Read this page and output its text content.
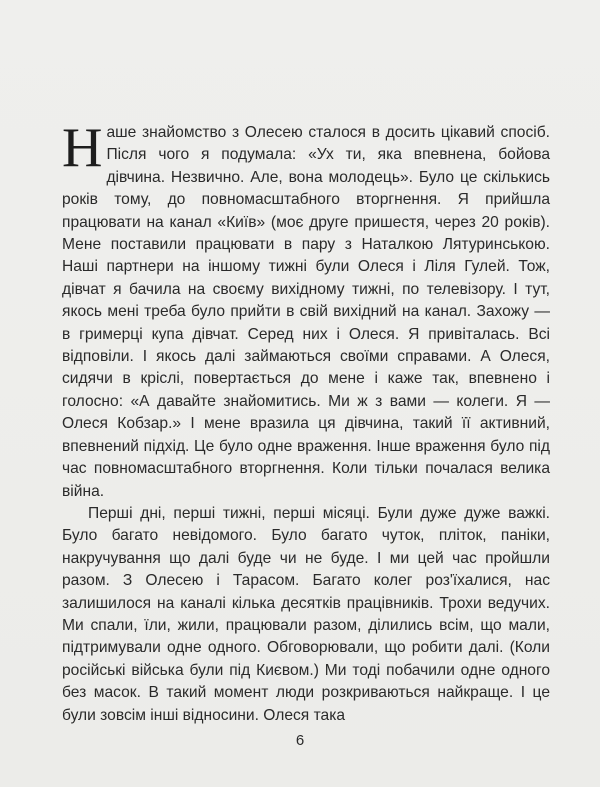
Наше знайомство з Олесею сталося в досить цікавий спосіб. Після чого я подумала: «Ух ти, яка впевнена, бойова дівчина. Незвично. Але, вона молодець». Було це скількись років тому, до повномасштабного вторгнення. Я прийшла працювати на канал «Київ» (моє друге пришестя, через 20 років). Мене поставили працювати в пару з Наталкою Лятуринською. Наші партнери на іншому тижні були Олеся і Ліля Гулей. Тож, дівчат я бачила на своєму вихідному тижні, по телевізору. І тут, якось мені треба було прийти в свій вихідний на канал. Захожу — в гримерці купа дівчат. Серед них і Олеся. Я привіталась. Всі відповіли. І якось далі займаються своїми справами. А Олеся, сидячи в кріслі, повертається до мене і каже так, впевнено і голосно: «А давайте знайомитись. Ми ж з вами — колеги. Я — Олеся Кобзар.» І мене вразила ця дівчина, такий її активний, впевнений підхід. Це було одне враження. Інше враження було під час повномасштабного вторгнення. Коли тільки почалася велика війна.

Перші дні, перші тижні, перші місяці. Були дуже дуже важкі. Було багато невідомого. Було багато чуток, пліток, паніки, накручування що далі буде чи не буде. І ми цей час пройшли разом. З Олесею і Тарасом. Багато колег роз'їхалися, нас залишилося на каналі кілька десятків працівників. Трохи ведучих. Ми спали, їли, жили, працювали разом, ділились всім, що мали, підтримували одне одного. Обговорювали, що робити далі. (Коли російські війська були під Києвом.) Ми тоді побачили одне одного без масок. В такий момент люди розкриваються найкраще. І це були зовсім інші відносини. Олеся така

6
